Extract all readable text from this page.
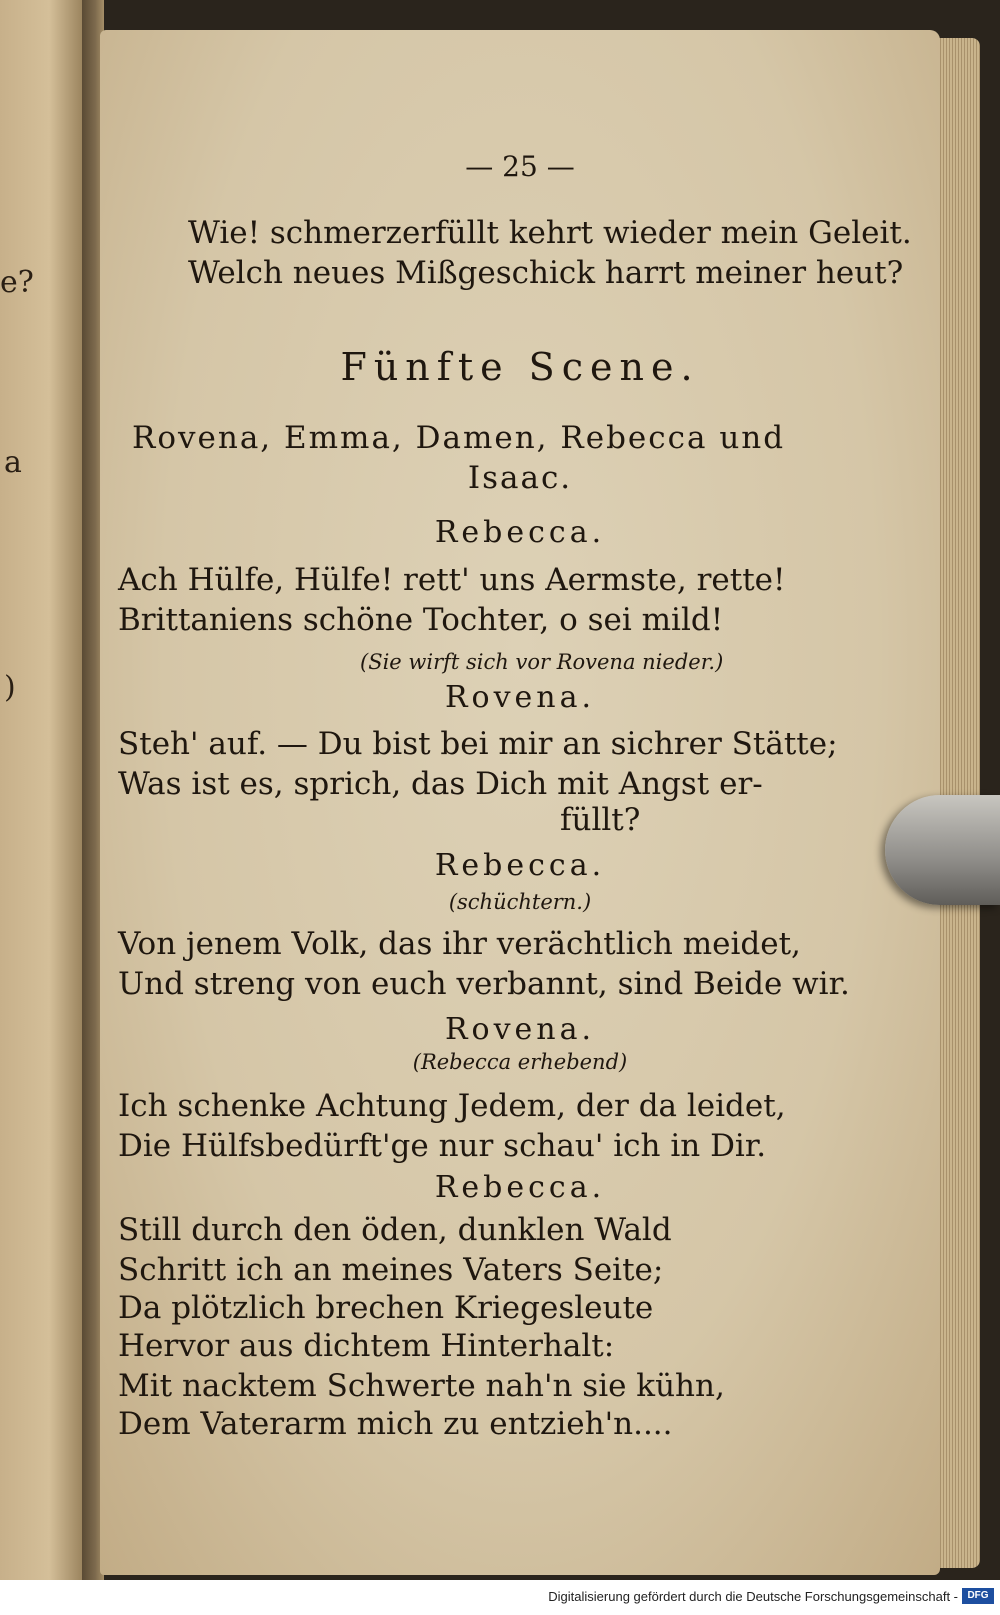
e?
a
)
— 25 —
Wie! schmerzerfüllt kehrt wieder mein Geleit.
Welch neues Mißgeschick harrt meiner heut?
Fünfte Scene.
Rovena, Emma, Damen, Rebecca und
Isaac.
Rebecca.
Ach Hülfe, Hülfe! rett' uns Aermste, rette!
Brittaniens schöne Tochter, o sei mild!
(Sie wirft sich vor Rovena nieder.)
Rovena.
Steh' auf. — Du bist bei mir an sichrer Stätte;
Was ist es, sprich, das Dich mit Angst er-
füllt?
Rebecca.
(schüchtern.)
Von jenem Volk, das ihr verächtlich meidet,
Und streng von euch verbannt, sind Beide wir.
Rovena.
(Rebecca erhebend)
Ich schenke Achtung Jedem, der da leidet,
Die Hülfsbedürft'ge nur schau' ich in Dir.
Rebecca.
Still durch den öden, dunklen Wald
Schritt ich an meines Vaters Seite;
Da plötzlich brechen Kriegesleute
Hervor aus dichtem Hinterhalt:
Mit nacktem Schwerte nah'n sie kühn,
Dem Vaterarm mich zu entzieh'n....
Digitalisierung gefördert durch die Deutsche Forschungsgemeinschaft - DFG
